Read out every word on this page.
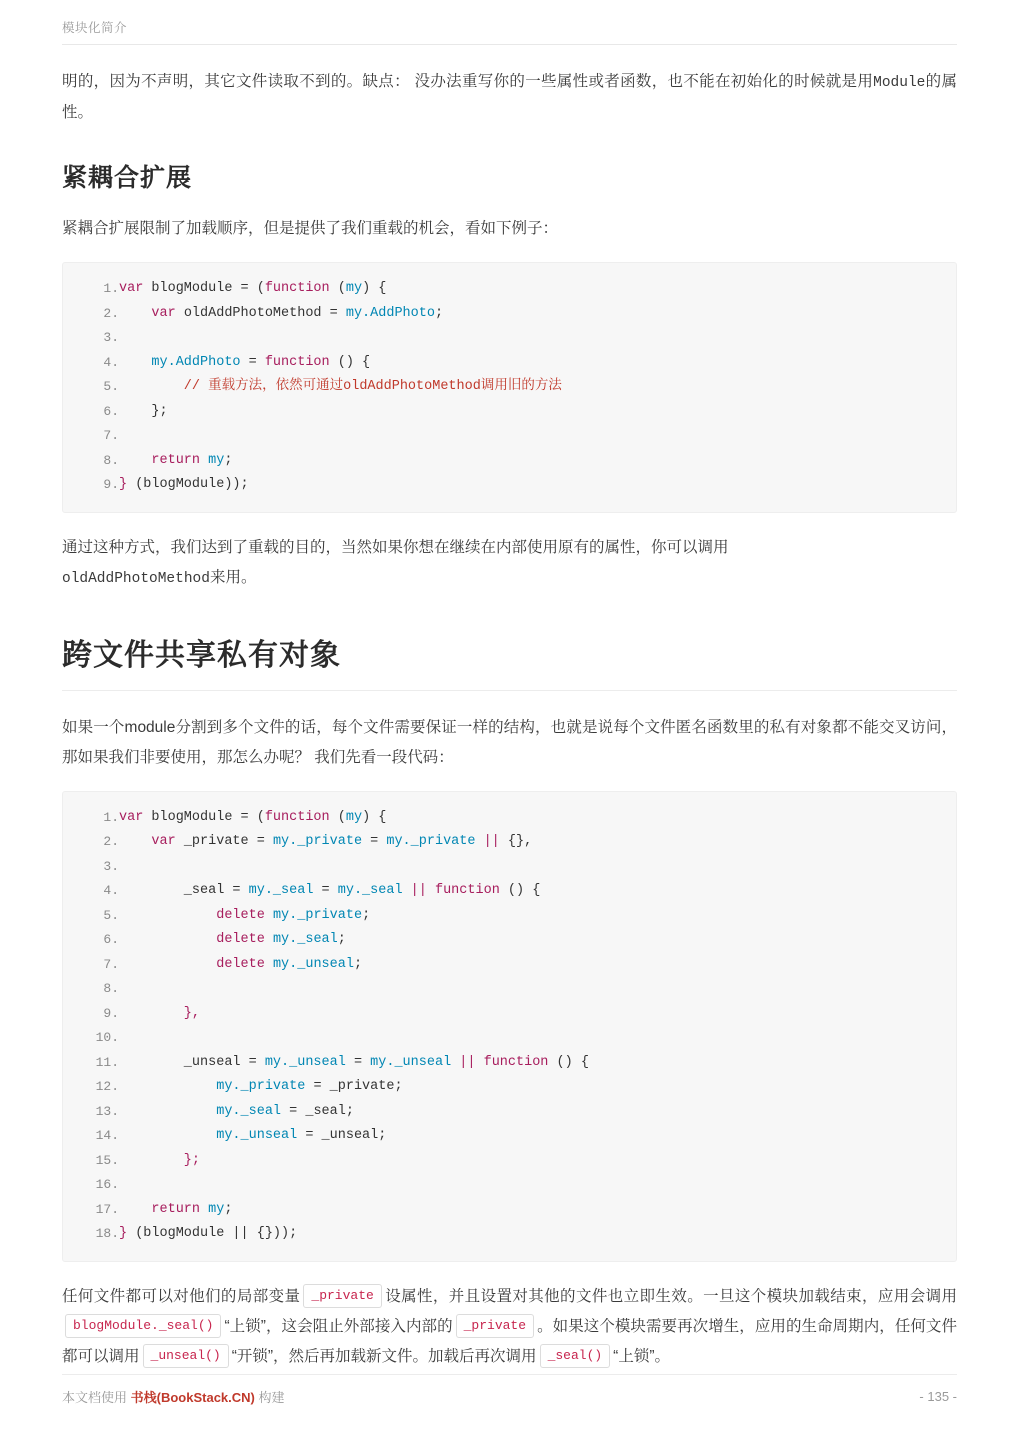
模块化简介

明的，因为不声明，其它文件读取不到的。缺点： 没办法重写你的一些属性或者函数，也不能在初始化的时候就是用Module的属性。

紧耦合扩展

紧耦合扩展限制了加载顺序，但是提供了我们重载的机会，看如下例子：

1 .	var blogModule = (function (my) {
2 .	var oldAddPhotoMethod = my.AddPhoto;
3 .	
4 .	my.AddPhoto = function () {
5 .	// 重载方法，依然可通过oldAddPhotoMethod调用旧的方法
6 .	};
7 .	
8 .	return my;
9 .	} (blogModule));

通过这种方式，我们达到了重载的目的，当然如果你想在继续在内部使用原有的属性，你可以调用
oldAddPhotoMethod来用。

跨文件共享私有对象

如果一个module分割到多个文件的话，每个文件需要保证一样的结构，也就是说每个文件匿名函数里的私有对象都不能交叉访问，那如果我们非要使用，那怎么办呢？ 我们先看一段代码：

1 .	var blogModule = (function (my) {
2 .	var _private = my._private = my._private || {},
3 .	
4 .	_seal = my._seal = my._seal || function () {
5 .	delete my._private;
6 .	delete my._seal;
7 .	delete my._unseal;
8 .	
9 .	},
10 .	
11 .	_unseal = my._unseal = my._unseal || function () {
12 .	my._private = _private;
13 .	my._seal = _seal;
14 .	my._unseal = _unseal;
15 .	};
16 .	
17 .	return my;
18 .	} (blogModule || {}));

任何文件都可以对他们的局部变量 _private 设属性，并且设置对其他的文件也立即生效。一旦这个模块加载结束，应用会调用blogModule._seal() “上锁”，这会阻止外部接入内部的 _private 。如果这个模块需要再次增生，应用的生命周期内，任何文件都可以调用 _unseal() “开锁”，然后再加载新文件。加载后再次调用 _seal() “上锁”。

本文档使用 书栈(BookStack.CN) 构建	- 135 -
